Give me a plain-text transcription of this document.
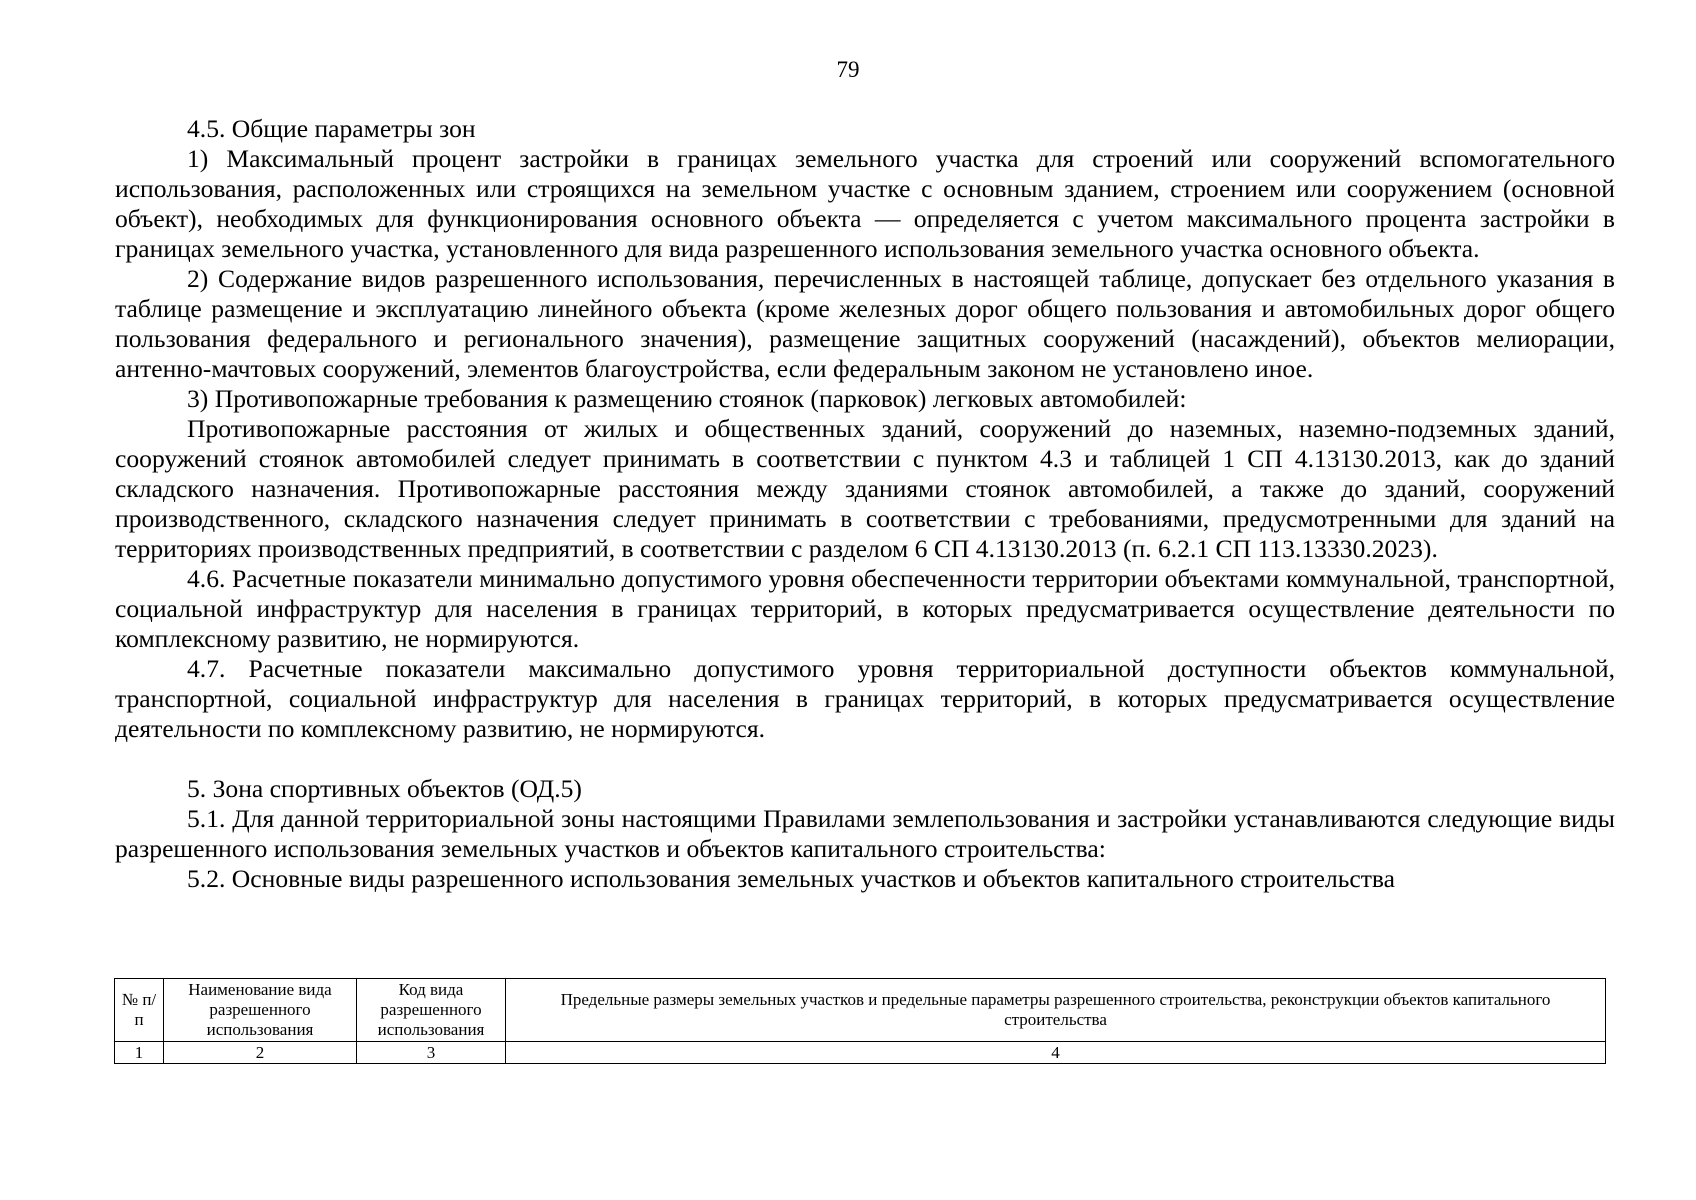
79

4.5. Общие параметры зон

1) Максимальный процент застройки в границах земельного участка для строений или сооружений вспомогательного использования, расположенных или строящихся на земельном участке с основным зданием, строением или сооружением (основной объект), необходимых для функционирования основного объекта — определяется с учетом максимального процента застройки в границах земельного участка, установленного для вида разрешенного использования земельного участка основного объекта.

2) Содержание видов разрешенного использования, перечисленных в настоящей таблице, допускает без отдельного указания в таблице размещение и эксплуатацию линейного объекта (кроме железных дорог общего пользования и автомобильных дорог общего пользования федерального и регионального значения), размещение защитных сооружений (насаждений), объектов мелиорации, антенно-мачтовых сооружений, элементов благоустройства, если федеральным законом не установлено иное.

3) Противопожарные требования к размещению стоянок (парковок) легковых автомобилей:

Противопожарные расстояния от жилых и общественных зданий, сооружений до наземных, наземно-подземных зданий, сооружений стоянок автомобилей следует принимать в соответствии с пунктом 4.3 и таблицей 1 СП 4.13130.2013, как до зданий складского назначения. Противопожарные расстояния между зданиями стоянок автомобилей, а также до зданий, сооружений производственного, складского назначения следует принимать в соответствии с требованиями, предусмотренными для зданий на территориях производственных предприятий, в соответствии с разделом 6 СП 4.13130.2013 (п. 6.2.1 СП 113.13330.2023).

4.6. Расчетные показатели минимально допустимого уровня обеспеченности территории объектами коммунальной, транспортной, социальной инфраструктур для населения в границах территорий, в которых предусматривается осуществление деятельности по комплексному развитию, не нормируются.

4.7. Расчетные показатели максимально допустимого уровня территориальной доступности объектов коммунальной, транспортной, социальной инфраструктур для населения в границах территорий, в которых предусматривается осуществление деятельности по комплексному развитию, не нормируются.

5. Зона спортивных объектов (ОД.5)

5.1. Для данной территориальной зоны настоящими Правилами землепользования и застройки устанавливаются следующие виды разрешенного использования земельных участков и объектов капитального строительства:

5.2. Основные виды разрешенного использования земельных участков и объектов капитального строительства

№ п/п	Наименование вида разрешенного использования	Код вида разрешенного использования	Предельные размеры земельных участков и предельные параметры разрешенного строительства, реконструкции объектов капитального строительства
1	2	3	4
